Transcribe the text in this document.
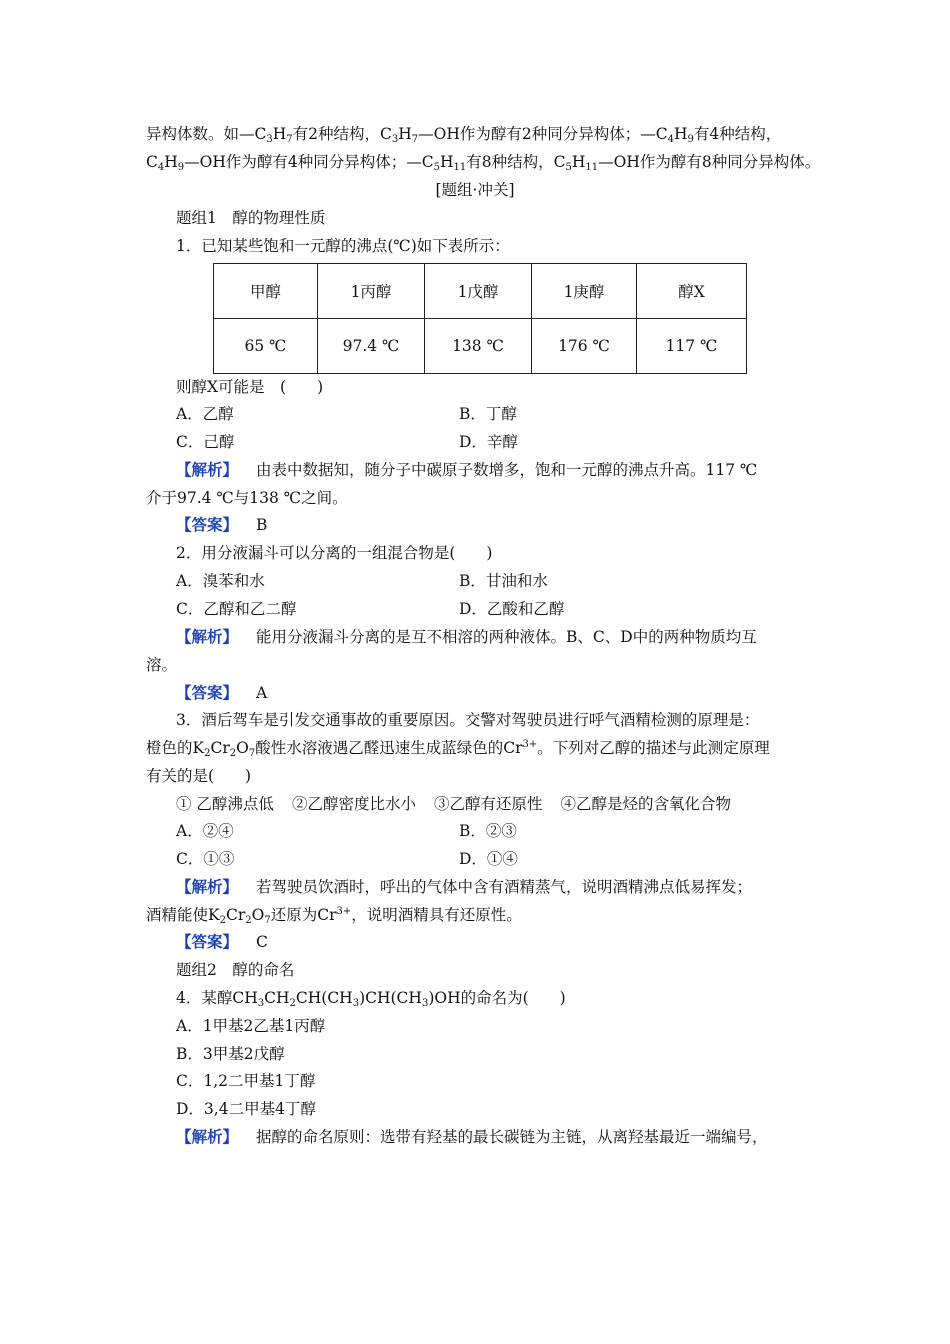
异构体数。如$—C_3H_7$有2种结构，$C_3H_7—OH$作为醇有2种同分异构体；$—C_4H_9$有4种结构，
$C_4H_9—OH$作为醇有4种同分异构体；$—C_5H_{11}$有8种结构，$C_5H_{11}—OH$作为醇有8种同分异构体。
[题组·冲关]
题组1　醇的物理性质
1．已知某些饱和一元醇的沸点(℃)如下表所示：
甲醇	1丙醇	1戊醇	1庚醇	醇X
65 ℃	97.4 ℃	138 ℃	176 ℃	117 ℃
则醇X可能是　(　　)
A．乙醇	B．丁醇
C．己醇	D．辛醇
【解析】 由表中数据知，随分子中碳原子数增多，饱和一元醇的沸点升高。117 ℃
介于97.4 ℃与138 ℃之间。
【答案】 B
2．用分液漏斗可以分离的一组混合物是(　　)
A．溴苯和水	B．甘油和水
C．乙醇和乙二醇	D．乙酸和乙醇
【解析】 能用分液漏斗分离的是互不相溶的两种液体。B、C、D中的两种物质均互
溶。
【答案】 A
3．酒后驾车是引发交通事故的重要原因。交警对驾驶员进行呼气酒精检测的原理是：
橙色的$K_2Cr_2O_7$酸性水溶液遇乙醛迅速生成蓝绿色的$Cr^{3+}$。下列对乙醇的描述与此测定原理
有关的是(　　)
① 乙醇沸点低 ②乙醇密度比水小 ③乙醇有还原性 ④乙醇是烃的含氧化合物
A．②④	B．②③
C．①③	D．①④
【解析】 若驾驶员饮酒时，呼出的气体中含有酒精蒸气，说明酒精沸点低易挥发；
酒精能使$K_2Cr_2O_7$还原为$Cr^{3+}$，说明酒精具有还原性。
【答案】 C
题组2　醇的命名
4．某醇$CH_3CH_2CH(CH_3)CH(CH_3)OH$的命名为(　　)
A．1甲基2乙基1丙醇
B．3甲基2戊醇
C．1,2二甲基1丁醇
D．3,4二甲基4丁醇
【解析】 据醇的命名原则：选带有羟基的最长碳链为主链，从离羟基最近一端编号，
